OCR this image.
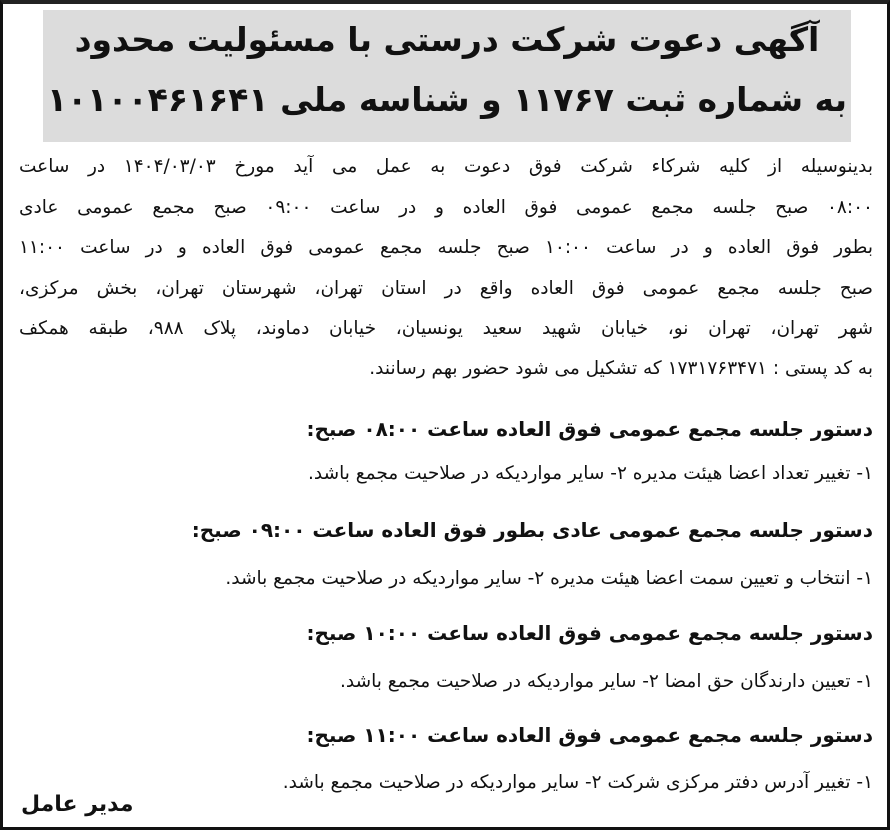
آگهی دعوت شرکت درستی با مسئولیت محدود
به شماره ثبت ۱۱۷۶۷ و شناسه ملی ۱۰۱۰۰۴۶۱۶۴۱
بدینوسیله از کلیه شرکاء شرکت فوق دعوت به عمل می آید مورخ ۱۴۰۴/۰۳/۰۳ در ساعت
۰۸:۰۰ صبح جلسه مجمع عمومی فوق العاده و در ساعت ۰۹:۰۰ صبح مجمع عمومی عادی
بطور فوق العاده و در ساعت ۱۰:۰۰ صبح جلسه مجمع عمومی فوق العاده و در ساعت ۱۱:۰۰
صبح جلسه مجمع عمومی فوق العاده واقع در استان تهران، شهرستان تهران، بخش مرکزی،
شهر تهران، تهران نو، خیابان شهید سعید یونسیان، خیابان دماوند، پلاک ۹۸۸، طبقه همکف
به کد پستی : ۱۷۳۱۷۶۳۴۷۱ که تشکیل می شود حضور بهم رسانند.
دستور جلسه مجمع عمومی فوق العاده ساعت ۰۸:۰۰ صبح:
۱- تغییر تعداد اعضا هیئت مدیره ۲- سایر مواردیکه در صلاحیت مجمع باشد.
دستور جلسه مجمع عمومی عادی بطور فوق العاده ساعت ۰۹:۰۰ صبح:
۱- انتخاب و تعیین سمت اعضا هیئت مدیره ۲- سایر مواردیکه در صلاحیت مجمع باشد.
دستور جلسه مجمع عمومی فوق العاده ساعت ۱۰:۰۰ صبح:
۱- تعیین دارندگان حق امضا ۲- سایر مواردیکه در صلاحیت مجمع باشد.
دستور جلسه مجمع عمومی فوق العاده ساعت ۱۱:۰۰ صبح:
۱- تغییر آدرس دفتر مرکزی شرکت ۲- سایر مواردیکه در صلاحیت مجمع باشد.
مدیر عامل
